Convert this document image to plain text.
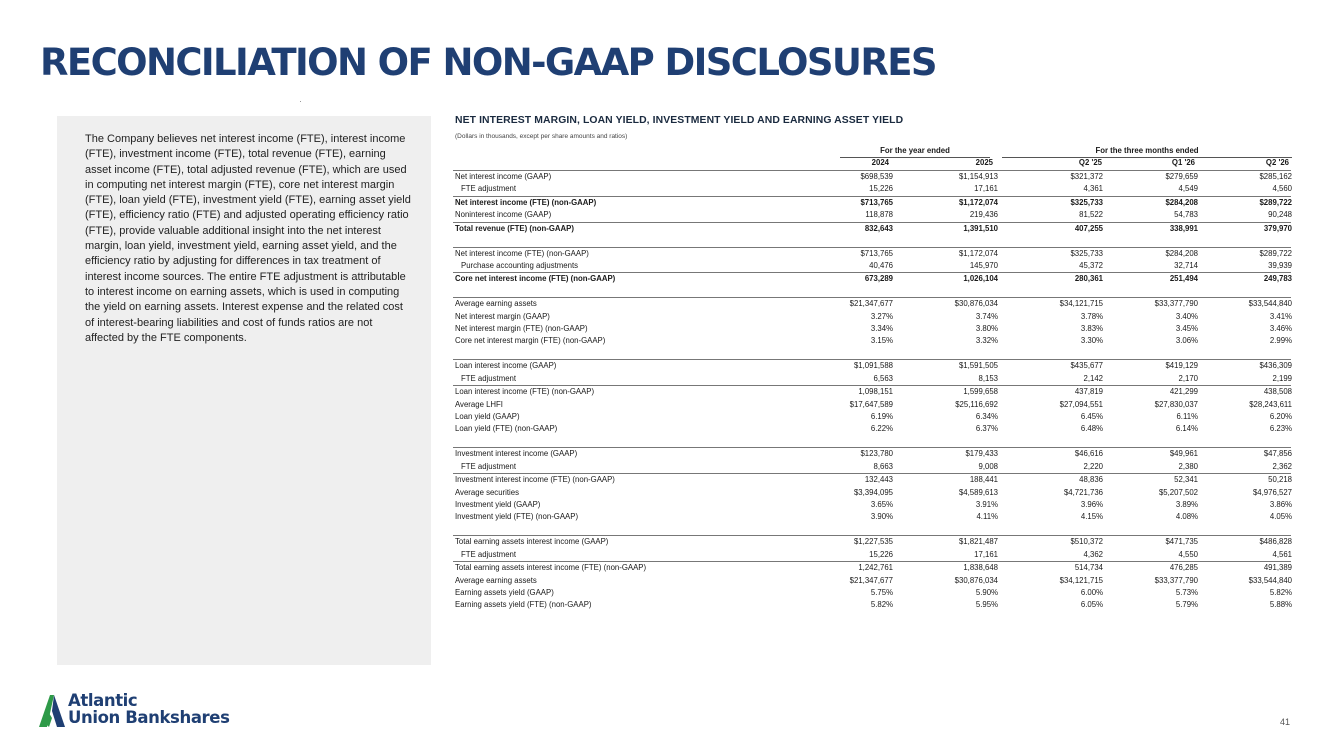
RECONCILIATION OF NON-GAAP DISCLOSURES

The Company believes net interest income (FTE), interest income (FTE), investment income (FTE), total revenue (FTE), earning asset income (FTE), total adjusted revenue (FTE), which are used in computing net interest margin (FTE), core net interest margin (FTE), loan yield (FTE), investment yield (FTE), earning asset yield (FTE), efficiency ratio (FTE) and adjusted operating efficiency ratio (FTE), provide valuable additional insight into the net interest margin, loan yield, investment yield, earning asset yield, and the efficiency ratio by adjusting for differences in tax treatment of interest income sources. The entire FTE adjustment is attributable to interest income on earning assets, which is used in computing the yield on earning assets. Interest expense and the related cost of interest-bearing liabilities and cost of funds ratios are not affected by the FTE components.

NET INTEREST MARGIN, LOAN YIELD, INVESTMENT YIELD AND EARNING ASSET YIELD
(Dollars in thousands, except per share amounts and ratios)
For the year ended	For the three months ended
2024	2025	Q2 '25	Q1 '26	Q2 '26
Net interest income (GAAP)	$698,539	$1,154,913	$321,372	$279,659	$285,162
FTE adjustment	15,226	17,161	4,361	4,549	4,560
Net interest income (FTE) (non-GAAP)	$713,765	$1,172,074	$325,733	$284,208	$289,722
Noninterest income (GAAP)	118,878	219,436	81,522	54,783	90,248
Total revenue (FTE) (non-GAAP)	832,643	1,391,510	407,255	338,991	379,970
Net interest income (FTE) (non-GAAP)	$713,765	$1,172,074	$325,733	$284,208	$289,722
Purchase accounting adjustments	40,476	145,970	45,372	32,714	39,939
Core net interest income (FTE) (non-GAAP)	673,289	1,026,104	280,361	251,494	249,783
Average earning assets	$21,347,677	$30,876,034	$34,121,715	$33,377,790	$33,544,840
Net interest margin (GAAP)	3.27%	3.74%	3.78%	3.40%	3.41%
Net interest margin (FTE) (non-GAAP)	3.34%	3.80%	3.83%	3.45%	3.46%
Core net interest margin (FTE) (non-GAAP)	3.15%	3.32%	3.30%	3.06%	2.99%
Loan interest income (GAAP)	$1,091,588	$1,591,505	$435,677	$419,129	$436,309
FTE adjustment	6,563	8,153	2,142	2,170	2,199
Loan interest income (FTE) (non-GAAP)	1,098,151	1,599,658	437,819	421,299	438,508
Average LHFI	$17,647,589	$25,116,692	$27,094,551	$27,830,037	$28,243,611
Loan yield (GAAP)	6.19%	6.34%	6.45%	6.11%	6.20%
Loan yield (FTE) (non-GAAP)	6.22%	6.37%	6.48%	6.14%	6.23%
Investment interest income (GAAP)	$123,780	$179,433	$46,616	$49,961	$47,856
FTE adjustment	8,663	9,008	2,220	2,380	2,362
Investment interest income (FTE) (non-GAAP)	132,443	188,441	48,836	52,341	50,218
Average securities	$3,394,095	$4,589,613	$4,721,736	$5,207,502	$4,976,527
Investment yield (GAAP)	3.65%	3.91%	3.96%	3.89%	3.86%
Investment yield (FTE) (non-GAAP)	3.90%	4.11%	4.15%	4.08%	4.05%
Total earning assets interest income (GAAP)	$1,227,535	$1,821,487	$510,372	$471,735	$486,828
FTE adjustment	15,226	17,161	4,362	4,550	4,561
Total earning assets interest income (FTE) (non-GAAP)	1,242,761	1,838,648	514,734	476,285	491,389
Average earning assets	$21,347,677	$30,876,034	$34,121,715	$33,377,790	$33,544,840
Earning assets yield (GAAP)	5.75%	5.90%	6.00%	5.73%	5.82%
Earning assets yield (FTE) (non-GAAP)	5.82%	5.95%	6.05%	5.79%	5.88%
Atlantic
Union Bankshares	41
